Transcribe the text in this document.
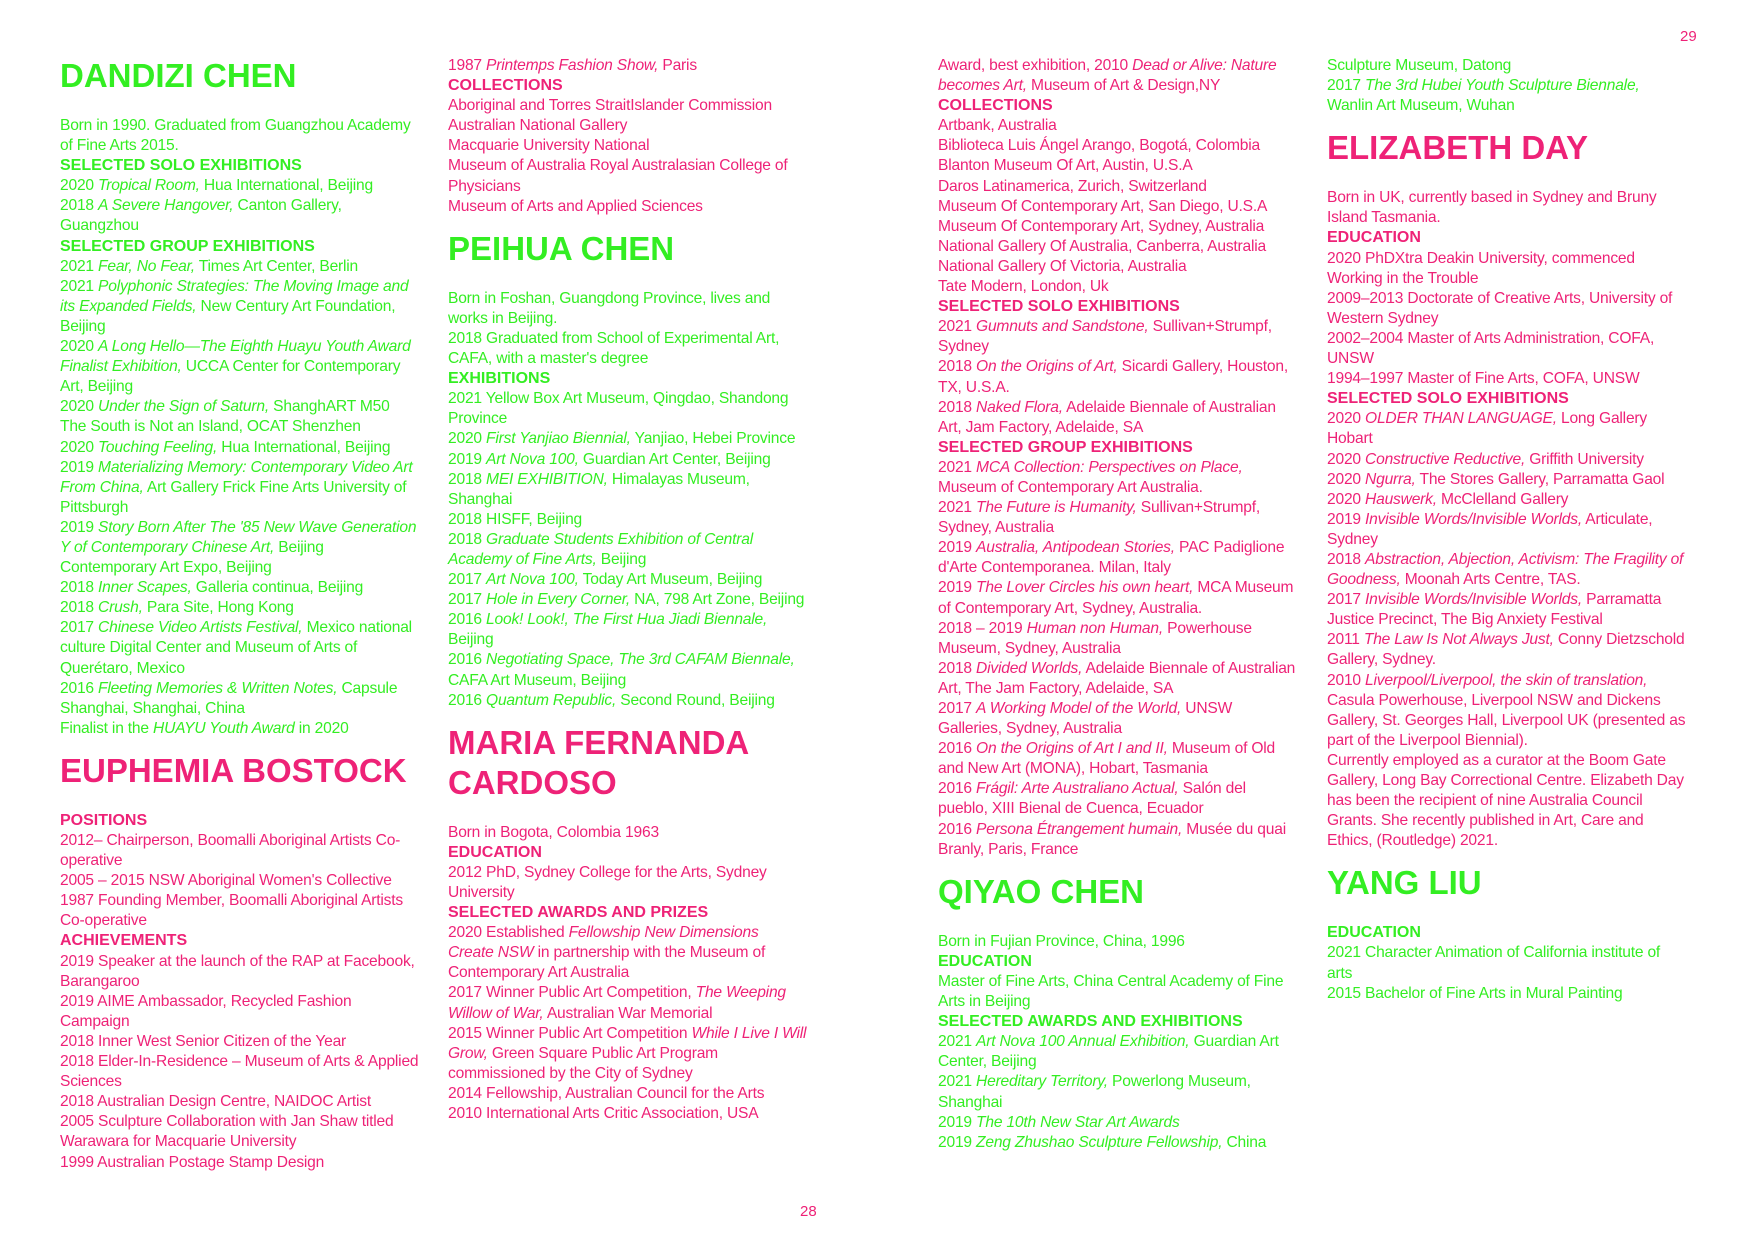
DANDIZI CHEN
Born in 1990. Graduated from Guangzhou Academy of Fine Arts 2015.
SELECTED SOLO EXHIBITIONS
2020 Tropical Room, Hua International, Beijing
2018 A Severe Hangover, Canton Gallery, Guangzhou
SELECTED GROUP EXHIBITIONS
2021 Fear, No Fear, Times Art Center, Berlin
2021 Polyphonic Strategies: The Moving Image and its Expanded Fields, New Century Art Foundation, Beijing
2020 A Long Hello—The Eighth Huayu Youth Award Finalist Exhibition, UCCA Center for Contemporary Art, Beijing
2020 Under the Sign of Saturn, ShanghART M50
The South is Not an Island, OCAT Shenzhen
2020 Touching Feeling, Hua International, Beijing
2019 Materializing Memory: Contemporary Video Art From China, Art Gallery Frick Fine Arts University of Pittsburgh
2019 Story Born After The '85 New Wave Generation Y of Contemporary Chinese Art, Beijing Contemporary Art Expo, Beijing
2018 Inner Scapes, Galleria continua, Beijing
2018 Crush, Para Site, Hong Kong
2017 Chinese Video Artists Festival, Mexico national culture Digital Center and Museum of Arts of Querétaro, Mexico
2016 Fleeting Memories & Written Notes, Capsule Shanghai, Shanghai, China
Finalist in the HUAYU Youth Award in 2020
EUPHEMIA BOSTOCK
POSITIONS
2012– Chairperson, Boomalli Aboriginal Artists Co-operative
2005 – 2015 NSW Aboriginal Women's Collective
1987 Founding Member, Boomalli Aboriginal Artists Co-operative
ACHIEVEMENTS
2019 Speaker at the launch of the RAP at Facebook, Barangaroo
2019 AIME Ambassador, Recycled Fashion Campaign
2018 Inner West Senior Citizen of the Year
2018 Elder-In-Residence – Museum of Arts & Applied Sciences
2018 Australian Design Centre, NAIDOC Artist
2005 Sculpture Collaboration with Jan Shaw titled Warawara for Macquarie University
1999 Australian Postage Stamp Design
1987 Printemps Fashion Show, Paris
COLLECTIONS
Aboriginal and Torres StraitIslander Commission
Australian National Gallery
Macquarie University National
Museum of Australia Royal Australasian College of Physicians
Museum of Arts and Applied Sciences
PEIHUA CHEN
Born in Foshan, Guangdong Province, lives and works in Beijing.
2018 Graduated from School of Experimental Art, CAFA, with a master's degree
EXHIBITIONS
2021 Yellow Box Art Museum, Qingdao, Shandong Province
2020 First Yanjiao Biennial, Yanjiao, Hebei Province
2019 Art Nova 100, Guardian Art Center, Beijing
2018 MEI EXHIBITION, Himalayas Museum, Shanghai
2018 HISFF, Beijing
2018 Graduate Students Exhibition of Central Academy of Fine Arts, Beijing
2017 Art Nova 100, Today Art Museum, Beijing
2017 Hole in Every Corner, NA, 798 Art Zone, Beijing
2016 Look! Look!, The First Hua Jiadi Biennale, Beijing
2016 Negotiating Space, The 3rd CAFAM Biennale, CAFA Art Museum, Beijing
2016 Quantum Republic, Second Round, Beijing
MARIA FERNANDA CARDOSO
Born in Bogota, Colombia 1963
EDUCATION
2012 PhD, Sydney College for the Arts, Sydney University
SELECTED AWARDS AND PRIZES
2020 Established Fellowship New Dimensions Create NSW in partnership with the Museum of Contemporary Art Australia
2017 Winner Public Art Competition, The Weeping Willow of War, Australian War Memorial
2015 Winner Public Art Competition While I Live I Will Grow, Green Square Public Art Program commissioned by the City of Sydney
2014 Fellowship, Australian Council for the Arts
2010 International Arts Critic Association, USA
Award, best exhibition, 2010 Dead or Alive: Nature becomes Art, Museum of Art & Design,NY
COLLECTIONS
Artbank, Australia
Biblioteca Luis Ángel Arango, Bogotá, Colombia
Blanton Museum Of Art, Austin, U.S.A
Daros Latinamerica, Zurich, Switzerland
Museum Of Contemporary Art, San Diego, U.S.A
Museum Of Contemporary Art, Sydney, Australia
National Gallery Of Australia, Canberra, Australia
National Gallery Of Victoria, Australia
Tate Modern, London, Uk
SELECTED SOLO EXHIBITIONS
2021 Gumnuts and Sandstone, Sullivan+Strumpf, Sydney
2018 On the Origins of Art, Sicardi Gallery, Houston, TX, U.S.A.
2018 Naked Flora, Adelaide Biennale of Australian Art, Jam Factory, Adelaide, SA
SELECTED GROUP EXHIBITIONS
2021 MCA Collection: Perspectives on Place, Museum of Contemporary Art Australia.
2021 The Future is Humanity, Sullivan+Strumpf, Sydney, Australia
2019 Australia, Antipodean Stories, PAC Padiglione d'Arte Contemporanea. Milan, Italy
2019 The Lover Circles his own heart, MCA Museum of Contemporary Art, Sydney, Australia.
2018 – 2019 Human non Human, Powerhouse Museum, Sydney, Australia
2018 Divided Worlds, Adelaide Biennale of Australian Art, The Jam Factory, Adelaide, SA
2017 A Working Model of the World, UNSW Galleries, Sydney, Australia
2016 On the Origins of Art I and II, Museum of Old and New Art (MONA), Hobart, Tasmania
2016 Frágil: Arte Australiano Actual, Salón del pueblo, XIII Bienal de Cuenca, Ecuador
2016 Persona Étrangement humain, Musée du quai Branly, Paris, France
QIYAO CHEN
Born in Fujian Province, China, 1996
EDUCATION
Master of Fine Arts, China Central Academy of Fine Arts in Beijing
SELECTED AWARDS AND EXHIBITIONS
2021 Art Nova 100 Annual Exhibition, Guardian Art Center, Beijing
2021 Hereditary Territory, Powerlong Museum, Shanghai
2019 The 10th New Star Art Awards
2019 Zeng Zhushao Sculpture Fellowship, China
Sculpture Museum, Datong
2017 The 3rd Hubei Youth Sculpture Biennale, Wanlin Art Museum, Wuhan
ELIZABETH DAY
Born in UK, currently based in Sydney and Bruny Island Tasmania.
EDUCATION
2020 PhDXtra Deakin University, commenced Working in the Trouble
2009–2013 Doctorate of Creative Arts, University of Western Sydney
2002–2004 Master of Arts Administration, COFA, UNSW
1994–1997 Master of Fine Arts, COFA, UNSW
SELECTED SOLO EXHIBITIONS
2020 OLDER THAN LANGUAGE, Long Gallery Hobart
2020 Constructive Reductive, Griffith University
2020 Ngurra, The Stores Gallery, Parramatta Gaol
2020 Hauswerk, McClelland Gallery
2019 Invisible Words/Invisible Worlds, Articulate, Sydney
2018 Abstraction, Abjection, Activism: The Fragility of Goodness, Moonah Arts Centre, TAS.
2017 Invisible Words/Invisible Worlds, Parramatta Justice Precinct, The Big Anxiety Festival
2011 The Law Is Not Always Just, Conny Dietzschold Gallery, Sydney.
2010 Liverpool/Liverpool, the skin of translation, Casula Powerhouse, Liverpool NSW and Dickens Gallery, St. Georges Hall, Liverpool UK (presented as part of the Liverpool Biennial).
Currently employed as a curator at the Boom Gate Gallery, Long Bay Correctional Centre. Elizabeth Day has been the recipient of nine Australia Council Grants. She recently published in Art, Care and Ethics, (Routledge) 2021.
YANG LIU
EDUCATION
2021 Character Animation of California institute of arts
2015 Bachelor of Fine Arts in Mural Painting
28
29
